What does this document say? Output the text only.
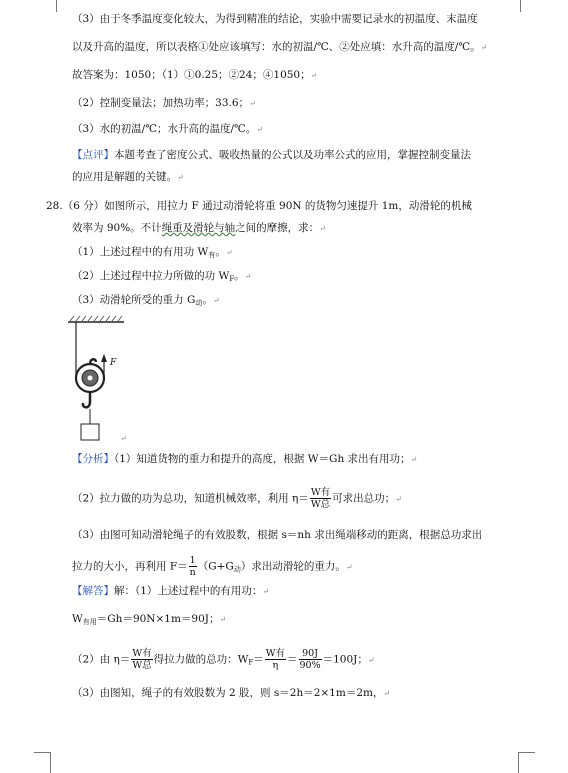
（3）由于冬季温度变化较大，为得到精准的结论，实验中需要记录水的初温度、末温度
以及升高的温度，所以表格①处应该填写：水的初温/℃、②处应填：水升高的温度/℃。↵
故答案为：1050；（1）①0.25；②24；④1050；↵
（2）控制变量法；加热功率；33.6；↵
（3）水的初温/℃；水升高的温度/℃。↵
【点评】本题考查了密度公式、吸收热量的公式以及功率公式的应用，掌握控制变量法
的应用是解题的关键。↵
28.（6 分）如图所示，用拉力 F 通过动滑轮将重 90N 的货物匀速提升 1m，动滑轮的机械
效率为 90%。不计绳重及滑轮与轴之间的摩擦，求：↵
（1）上述过程中的有用功 $W_有$。↵
（2）上述过程中拉力所做的功 $W_F$。↵
（3）动滑轮所受的重力 $G_动$。↵
F
↵
【分析】（1）知道货物的重力和提升的高度，根据 W＝Gh 求出有用功；↵
（2）拉力做的功为总功，知道机械效率，利用 $\eta= \frac{\text{W有}}{\text{W总}}$ 可求出总功；↵
（3）由图可知动滑轮绳子的有效股数，根据 s＝nh 求出绳端移动的距离，根据总功求出
拉力的大小，再利用 $F= \frac{1}{n} (G+G_动)$求出动滑轮的重力。↵
【解答】解：（1）上述过程中的有用功：↵
$W_{有用}=Gh=90N\times 1m=90J$；↵
（2）由 $\eta= \frac{\text{W有}}{\text{W总}}$ 得拉力做的总功：$W_F= \frac{\text{W有}}{\eta} = \frac{90J}{90\%} =100J$；↵
（3）由图知，绳子的有效股数为 2 股，则 s＝2h＝2×1m＝2m，↵
